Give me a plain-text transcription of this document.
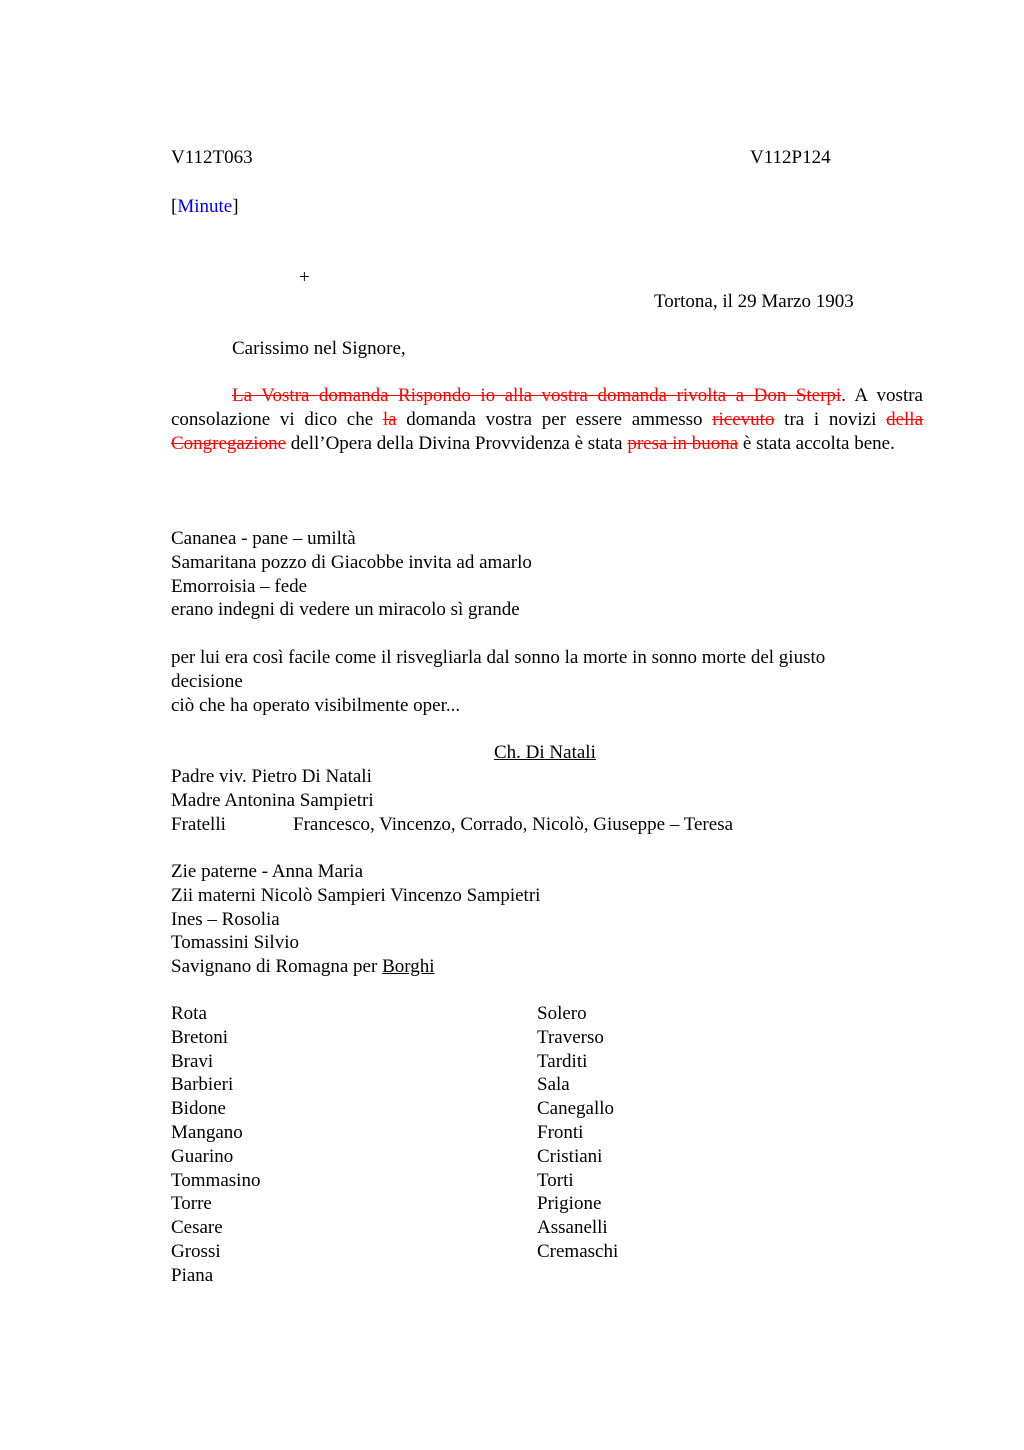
V112T063	V112P124
[Minute]
+
Tortona, il 29 Marzo 1903
Carissimo nel Signore,
La Vostra domanda Rispondo io alla vostra domanda rivolta a Don Sterpi. A vostra consolazione vi dico che la domanda vostra per essere ammesso ricevuto tra i novizi della Congregazione dell’Opera della Divina Provvidenza è stata presa in buona è stata accolta bene.
Cananea - pane – umiltà
Samaritana pozzo di Giacobbe invita ad amarlo
Emorroisia – fede
erano indegni di vedere un miracolo sì grande
per lui era così facile come il risvegliarla dal sonno la morte in sonno morte del giusto
decisione
ciò che ha operato visibilmente oper...
Ch. Di Natali
Padre viv. Pietro Di Natali
Madre Antonina Sampietri
Fratelli	Francesco, Vincenzo, Corrado, Nicolò, Giuseppe – Teresa
Zie paterne - Anna Maria
Zii materni Nicolò Sampieri Vincenzo Sampietri
Ines – Rosolia
Tomassini Silvio
Savignano di Romagna per Borghi
Rota
Bretoni
Bravi
Barbieri
Bidone
Mangano
Guarino
Tommasino
Torre
Cesare
Grossi
Piana
Solero
Traverso
Tarditi
Sala
Canegallo
Fronti
Cristiani
Torti
Prigione
Assanelli
Cremaschi
